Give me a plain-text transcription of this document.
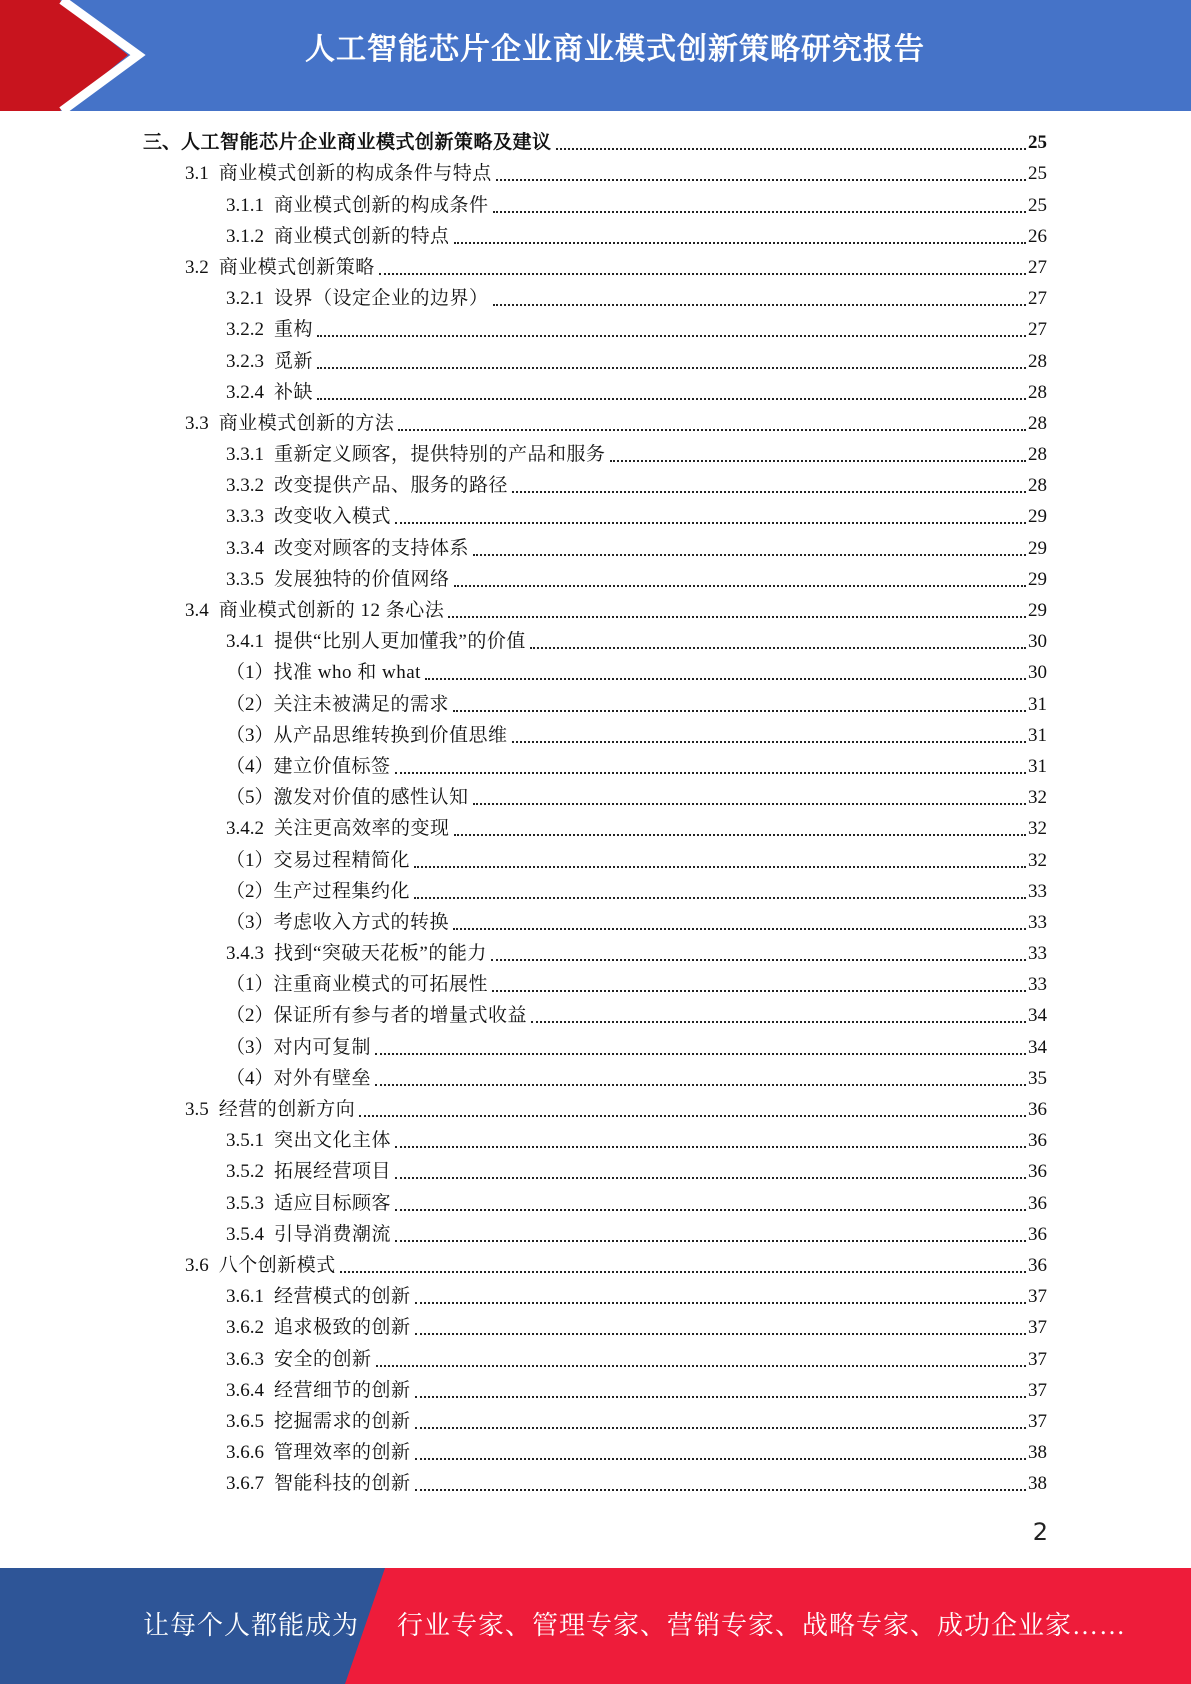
人工智能芯片企业商业模式创新策略研究报告
三、 人工智能芯片企业商业模式创新策略及建议	25
3.1 商业模式创新的构成条件与特点	25
3.1.1 商业模式创新的构成条件	25
3.1.2 商业模式创新的特点	26
3.2 商业模式创新策略	27
3.2.1 设界（设定企业的边界）	27
3.2.2 重构	27
3.2.3 觅新	28
3.2.4 补缺	28
3.3 商业模式创新的方法	28
3.3.1 重新定义顾客，提供特别的产品和服务	28
3.3.2 改变提供产品、服务的路径	28
3.3.3 改变收入模式	29
3.3.4 改变对顾客的支持体系	29
3.3.5 发展独特的价值网络	29
3.4 商业模式创新的 12 条心法	29
3.4.1 提供“比别人更加懂我”的价值	30
（1） 找准 who 和 what	30
（2） 关注未被满足的需求	31
（3） 从产品思维转换到价值思维	31
（4） 建立价值标签	31
（5） 激发对价值的感性认知	32
3.4.2 关注更高效率的变现	32
（1） 交易过程精简化	32
（2） 生产过程集约化	33
（3） 考虑收入方式的转换	33
3.4.3 找到“突破天花板”的能力	33
（1） 注重商业模式的可拓展性	33
（2） 保证所有参与者的增量式收益	34
（3） 对内可复制	34
（4） 对外有壁垒	35
3.5 经营的创新方向	36
3.5.1 突出文化主体	36
3.5.2 拓展经营项目	36
3.5.3 适应目标顾客	36
3.5.4 引导消费潮流	36
3.6 八个创新模式	36
3.6.1 经营模式的创新	37
3.6.2 追求极致的创新	37
3.6.3 安全的创新	37
3.6.4 经营细节的创新	37
3.6.5 挖掘需求的创新	37
3.6.6 管理效率的创新	38
3.6.7 智能科技的创新	38
2
让每个人都能成为 行业专家、管理专家、营销专家、战略专家、成功企业家……
